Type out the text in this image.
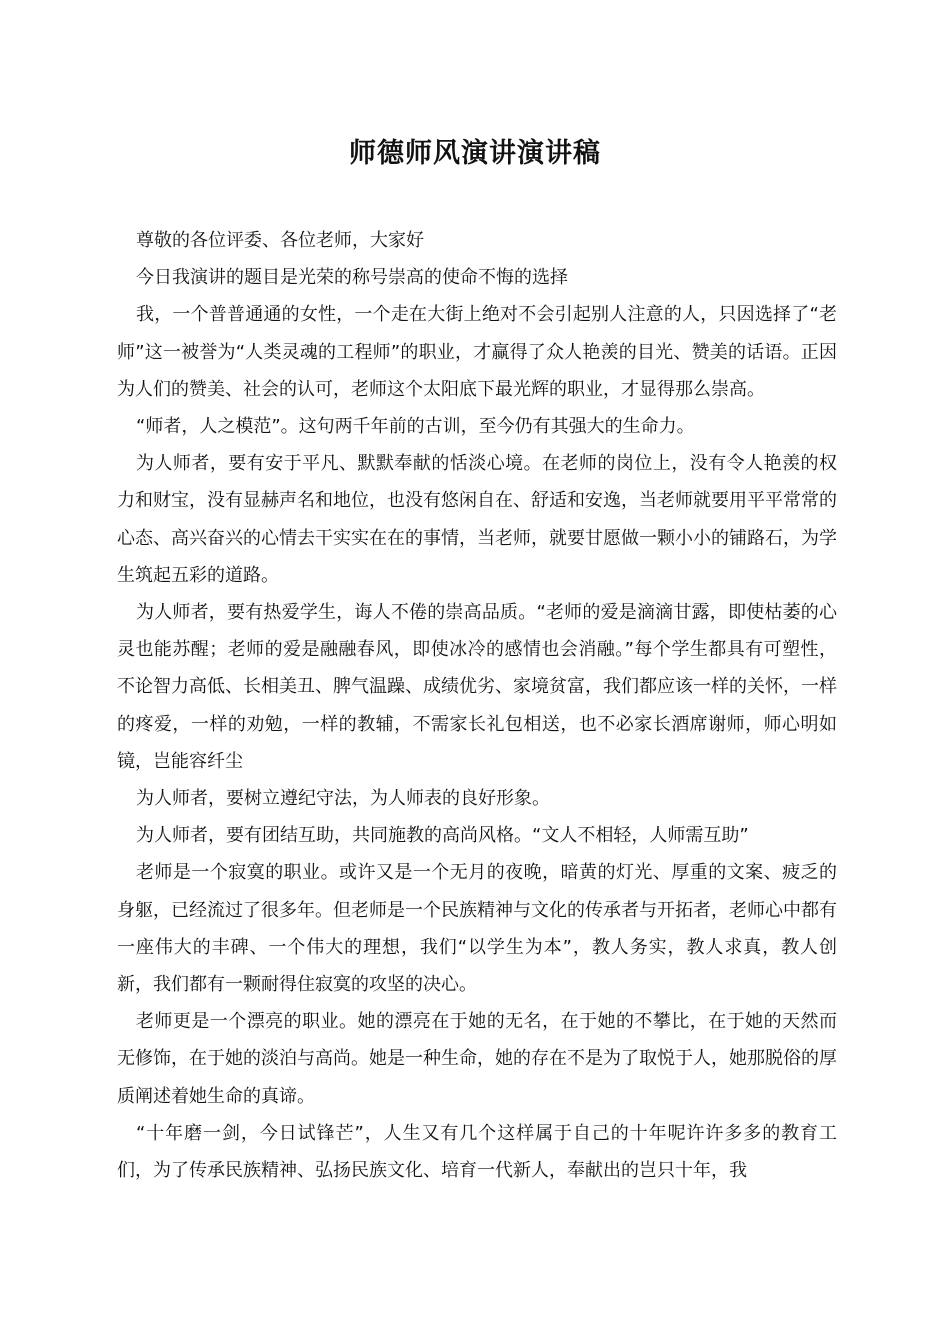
师德师风演讲演讲稿

尊敬的各位评委、各位老师，大家好

今日我演讲的题目是光荣的称号崇高的使命不悔的选择

我，一个普普通通的女性，一个走在大街上绝对不会引起别人注意的人，只因选择了“老师”这一被誉为“人类灵魂的工程师”的职业，才赢得了众人艳羡的目光、赞美的话语。正因为人们的赞美、社会的认可，老师这个太阳底下最光辉的职业，才显得那么崇高。

“师者，人之模范”。这句两千年前的古训，至今仍有其强大的生命力。

为人师者，要有安于平凡、默默奉献的恬淡心境。在老师的岗位上，没有令人艳羡的权力和财宝，没有显赫声名和地位，也没有悠闲自在、舒适和安逸，当老师就要用平平常常的心态、高兴奋兴的心情去干实实在在的事情，当老师，就要甘愿做一颗小小的铺路石，为学生筑起五彩的道路。

为人师者，要有热爱学生，诲人不倦的崇高品质。“老师的爱是滴滴甘露，即使枯萎的心灵也能苏醒；老师的爱是融融春风，即使冰冷的感情也会消融。”每个学生都具有可塑性，不论智力高低、长相美丑、脾气温躁、成绩优劣、家境贫富，我们都应该一样的关怀，一样的疼爱，一样的劝勉，一样的教辅，不需家长礼包相送，也不必家长酒席谢师，师心明如镜，岂能容纤尘

为人师者，要树立遵纪守法，为人师表的良好形象。

为人师者，要有团结互助，共同施教的高尚风格。“文人不相轻，人师需互助”

老师是一个寂寞的职业。或许又是一个无月的夜晚，暗黄的灯光、厚重的文案、疲乏的身躯，已经流过了很多年。但老师是一个民族精神与文化的传承者与开拓者，老师心中都有一座伟大的丰碑、一个伟大的理想，我们“以学生为本”，教人务实，教人求真，教人创新，我们都有一颗耐得住寂寞的攻坚的决心。

老师更是一个漂亮的职业。她的漂亮在于她的无名，在于她的不攀比，在于她的天然而无修饰，在于她的淡泊与高尚。她是一种生命，她的存在不是为了取悦于人，她那脱俗的厚质阐述着她生命的真谛。

“十年磨一剑，今日试锋芒”，人生又有几个这样属于自己的十年呢许许多多的教育工们，为了传承民族精神、弘扬民族文化、培育一代新人，奉献出的岂只十年，我
